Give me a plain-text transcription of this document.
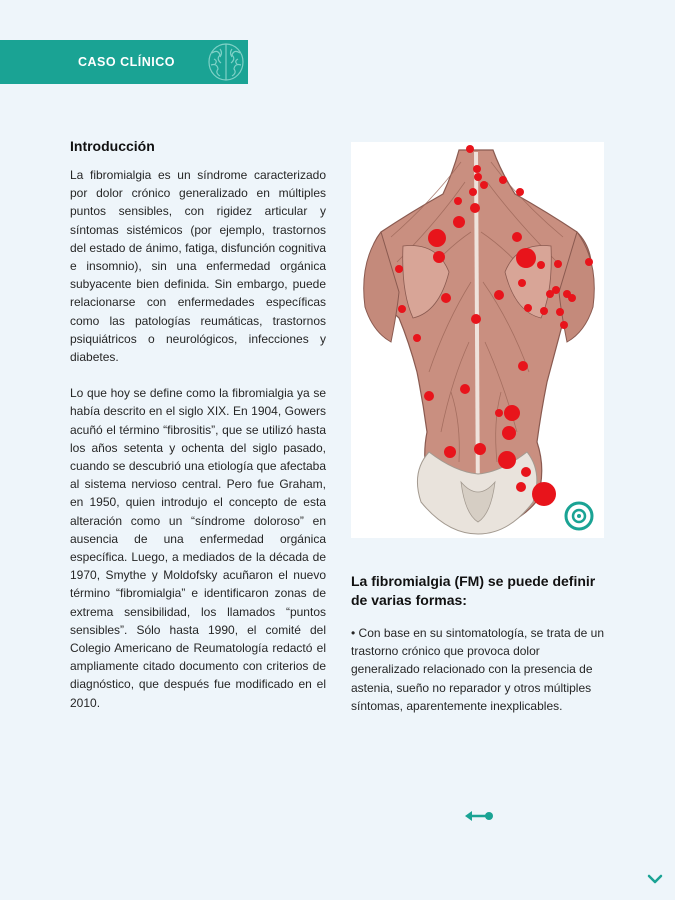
CASO CLÍNICO
Introducción

La fibromialgia es un síndrome caracterizado por dolor crónico generalizado en múltiples puntos sensibles, con rigidez articular y síntomas sistémicos (por ejemplo, trastornos del estado de ánimo, fatiga, disfunción cognitiva e insomnio), sin una enfermedad orgánica subyacente bien definida. Sin embargo, puede relacionarse con enfermedades específicas como las patologías reumáticas, trastornos psiquiátricos o neurológicos, infecciones y diabetes.

Lo que hoy se define como la fibromialgia ya se había descrito en el siglo XIX. En 1904, Gowers acuñó el término “fibrositis”, que se utilizó hasta los años setenta y ochenta del siglo pasado, cuando se descubrió una etiología que afectaba al sistema nervioso central. Pero fue Graham, en 1950, quien introdujo el concepto de esta alteración como un “síndrome doloroso” en ausencia de una enfermedad orgánica específica. Luego, a mediados de la década de 1970, Smythe y Moldofsky acuñaron el nuevo término “fibromialgia” e identificaron zonas de extrema sensibilidad, los llamados “puntos sensibles”. Sólo hasta 1990, el comité del Colegio Americano de Reumatología redactó el ampliamente citado documento con criterios de diagnóstico, que después fue modificado en el 2010.

La fibromialgia (FM) se puede definir de varias formas:

• Con base en su sintomatología, se trata de un trastorno crónico que provoca dolor generalizado relacionado con la presencia de astenia, sueño no reparador y otros múltiples síntomas, aparentemente inexplicables.
